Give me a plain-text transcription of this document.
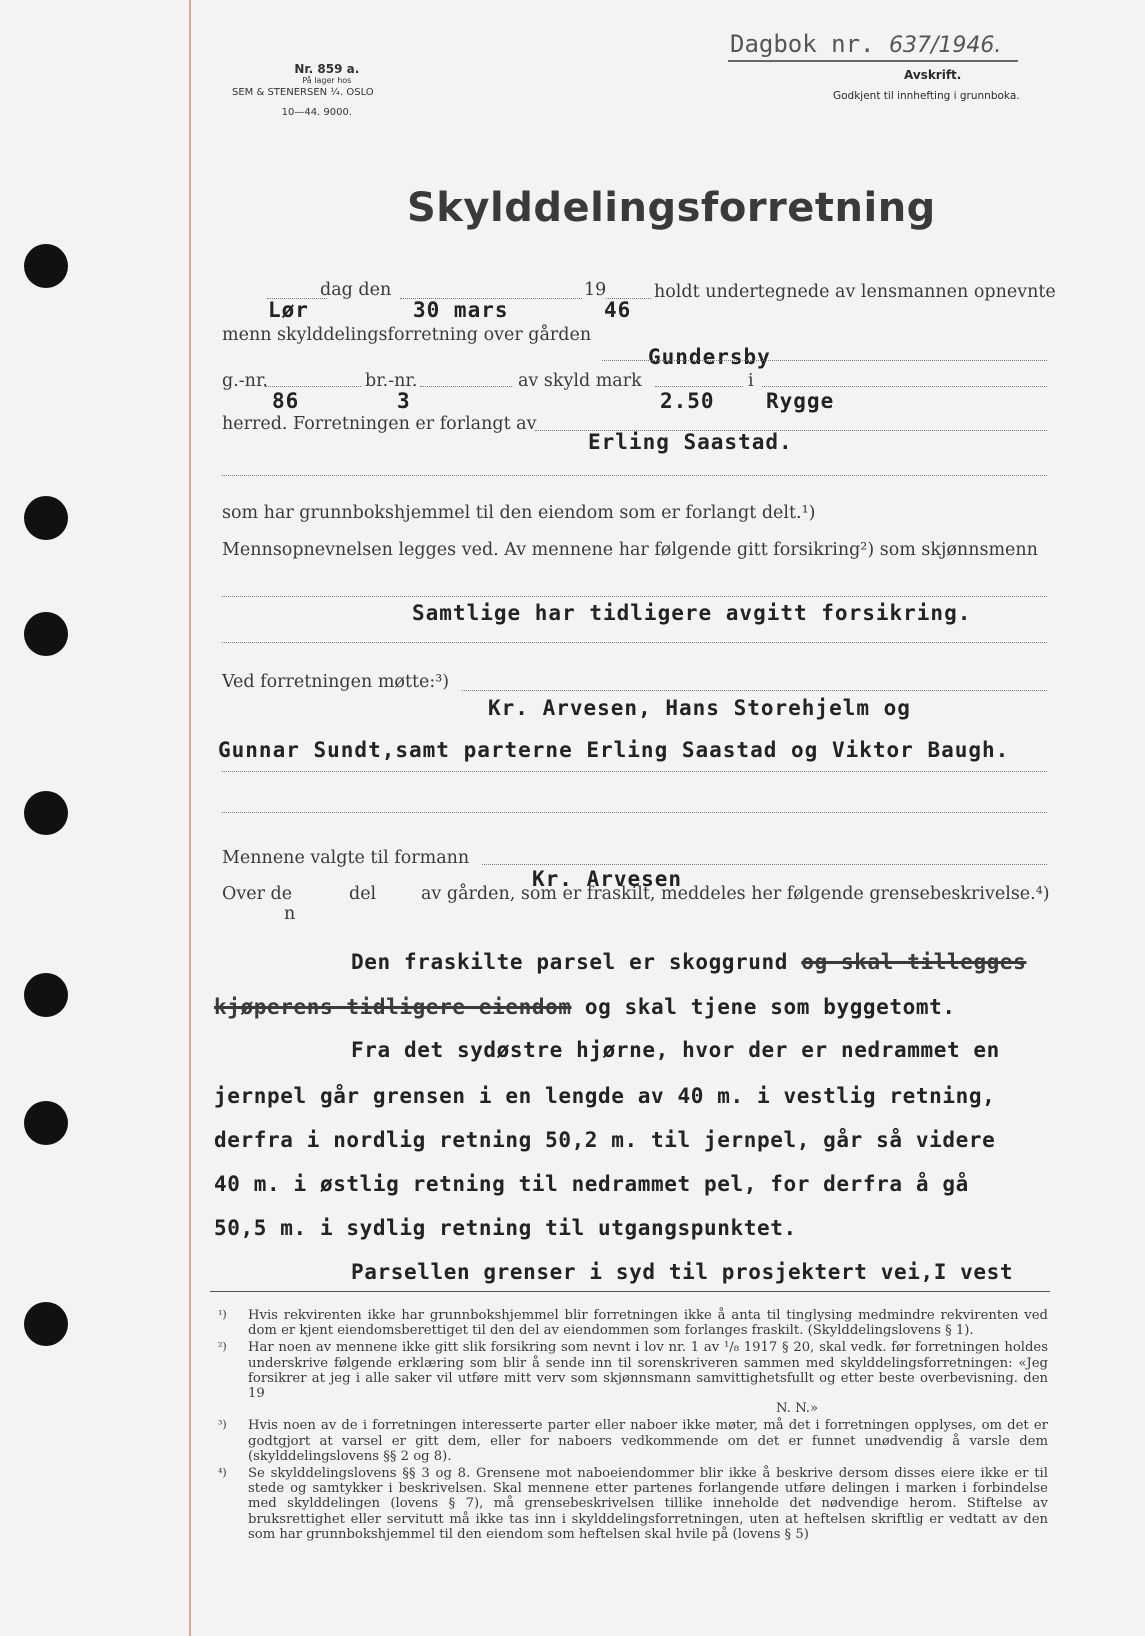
Nr. 859 a.
På lager hos
SEM & STENERSEN ¼. OSLO
10—44. 9000.
Dagbok nr. 637/1946.
Avskrift.
Godkjent til innhefting i grunnboka.
Skylddelingsforretning
dag den	19	holdt undertegnede av lensmannen opnevnte
Lør	30 mars	46
menn skylddelingsforretning over gården
Gundersby
g.-nr.	br.-nr.	av skyld mark	i
86	3	2.50 Rygge
herred. Forretningen er forlangt av
Erling Saastad.
som har grunnbokshjemmel til den eiendom som er forlangt delt.¹)
Mennsopnevnelsen legges ved. Av mennene har følgende gitt forsikring²) som skjønnsmenn
Samtlige har tidligere avgitt forsikring.
Ved forretningen møtte:³)
Kr. Arvesen, Hans Storehjelm og
Gunnar Sundt,samt parterne Erling Saastad og Viktor Baugh.
Mennene valgte til formann
Kr. Arvesen
Over de
n
del	av gården, som er fraskilt, meddeles her følgende grensebeskrivelse.⁴)
Den fraskilte parsel er skoggrund og skal tillegges
kjøperens tidligere eiendom og skal tjene som byggetomt.
Fra det sydøstre hjørne, hvor der er nedrammet en
jernpel går grensen i en lengde av 40 m. i vestlig retning,
derfra i nordlig retning 50,2 m. til jernpel, går så videre
40 m. i østlig retning til nedrammet pel, for derfra å gå
50,5 m. i sydlig retning til utgangspunktet.
Parsellen grenser i syd til prosjektert vei,I vest
¹)	Hvis rekvirenten ikke har grunnbokshjemmel blir forretningen ikke å anta til tinglysing medmindre rekvirenten ved dom er kjent eiendomsberettiget til den del av eiendommen som forlanges fraskilt. (Skylddelingslovens § 1).
²)	Har noen av mennene ikke gitt slik forsikring som nevnt i lov nr. 1 av ¹/₈ 1917 § 20, skal vedk. før forretningen holdes underskrive følgende erklæring som blir å sende inn til sorenskriveren sammen med skylddelingsforretningen: «Jeg forsikrer at jeg i alle saker vil utføre mitt verv som skjønnsmann samvittighetsfullt og etter beste overbevisning. den 19
N. N.»
³)	Hvis noen av de i forretningen interesserte parter eller naboer ikke møter, må det i forretningen opplyses, om det er godtgjort at varsel er gitt dem, eller for naboers vedkommende om det er funnet unødvendig å varsle dem (skylddelingslovens §§ 2 og 8).
⁴)	Se skylddelingslovens §§ 3 og 8. Grensene mot naboeiendommer blir ikke å beskrive dersom disses eiere ikke er til stede og samtykker i beskrivelsen. Skal mennene etter partenes forlangende utføre delingen i marken i forbindelse med skylddelingen (lovens § 7), må grensebeskrivelsen tillike inneholde det nødvendige herom. Stiftelse av bruksrettighet eller servitutt må ikke tas inn i skylddelingsforretningen, uten at heftelsen skriftlig er vedtatt av den som har grunnbokshjemmel til den eiendom som heftelsen skal hvile på (lovens § 5)
